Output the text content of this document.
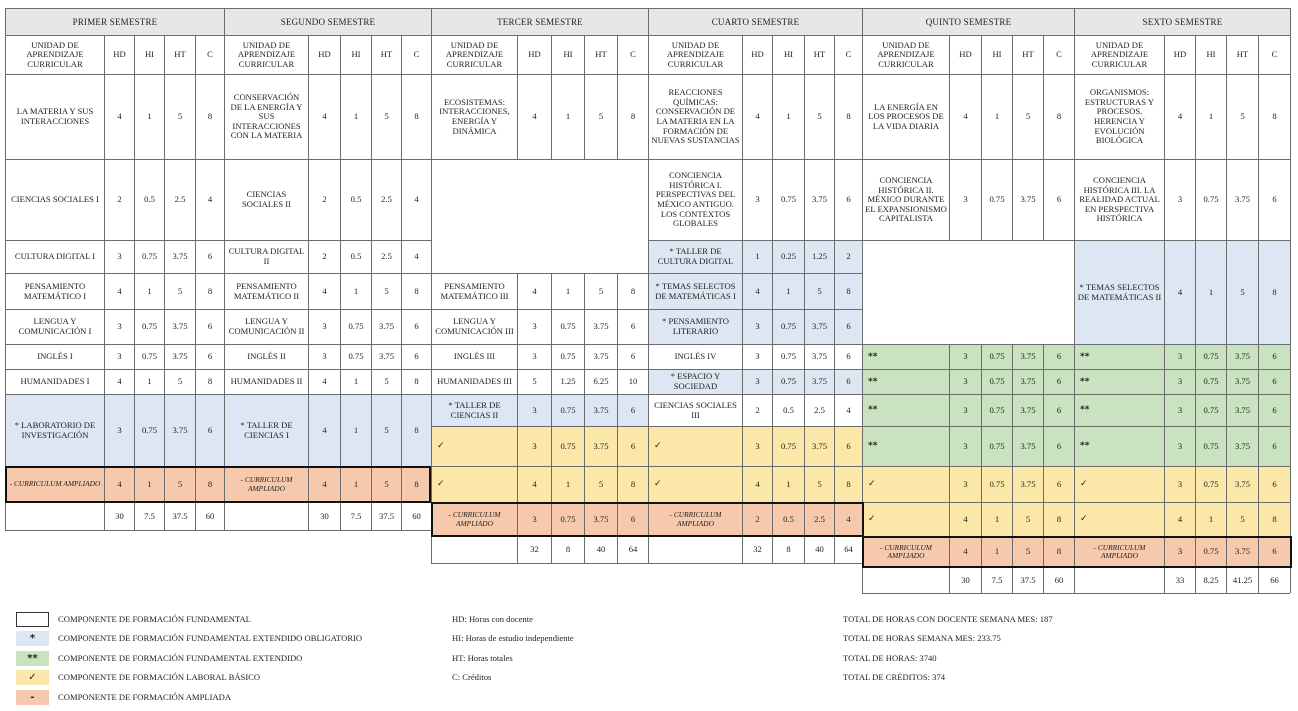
PRIMER SEMESTRE
UNIDAD DE APRENDIZAJE CURRICULAR
HD	HI	HT	C
LA MATERIA Y SUS INTERACCIONES	4	1	5	8
CIENCIAS SOCIALES I	2	0.5	2.5	4
CULTURA DIGITAL I	3	0.75	3.75	6
PENSAMIENTO MATEMÁTICO I	4	1	5	8
LENGUA Y COMUNICACIÓN I	3	0.75	3.75	6
INGLÉS I	3	0.75	3.75	6
HUMANIDADES I	4	1	5	8
* LABORATORIO DE INVESTIGACIÓN	3	0.75	3.75	6
- CURRICULUM AMPLIADO	4	1	5	8
30	7.5	37.5	60
SEGUNDO SEMESTRE
UNIDAD DE APRENDIZAJE CURRICULAR
HD	HI	HT	C
CONSERVACIÓN DE LA ENERGÍA Y SUS INTERACCIONES CON LA MATERIA
4	1	5	8
CIENCIAS SOCIALES II	2	0.5	2.5	4
CULTURA DIGITAL II	2	0.5	2.5	4
PENSAMIENTO MATEMÁTICO II	4	1	5	8
LENGUA Y COMUNICACIÓN II	3	0.75	3.75	6
INGLÉS II	3	0.75	3.75	6
HUMANIDADES II	4	1	5	8
* TALLER DE CIENCIAS I	4	1	5	8
- CURRICULUM AMPLIADO	4	1	5	8
30	7.5	37.5	60
TERCER SEMESTRE
UNIDAD DE APRENDIZAJE CURRICULAR
HD	HI	HT	C
ECOSISTEMAS: INTERACCIONES, ENERGÍA Y DINÁMICA
4	1	5	8
PENSAMIENTO MATEMÁTICO III	4	1	5	8
LENGUA Y COMUNICACIÓN III	3	0.75	3.75	6
INGLÉS III	3	0.75	3.75	6
HUMANIDADES III	5	1.25	6.25	10
* TALLER DE CIENCIAS II	3	0.75	3.75	6
✓	3	0.75	3.75	6
✓	4	1	5	8
- CURRICULUM AMPLIADO	3	0.75	3.75	6
32	8	40	64
CUARTO SEMESTRE
UNIDAD DE APRENDIZAJE CURRICULAR
HD	HI	HT	C
REACCIONES QUÍMICAS: CONSERVACIÓN DE LA MATERIA EN LA FORMACIÓN DE NUEVAS SUSTANCIAS
4	1	5	8
CONCIENCIA HISTÓRICA I. PERSPECTIVAS DEL MÉXICO ANTIGUO. LOS CONTEXTOS GLOBALES
3	0.75	3.75	6
* TALLER DE CULTURA DIGITAL	1	0.25	1.25	2
* TEMAS SELECTOS DE MATEMÁTICAS I	4	1	5	8
* PENSAMIENTO LITERARIO	3	0.75	3.75	6
INGLÉS IV	3	0.75	3.75	6
* ESPACIO Y SOCIEDAD	3	0.75	3.75	6
CIENCIAS SOCIALES III	2	0.5	2.5	4
✓	3	0.75	3.75	6
✓	4	1	5	8
- CURRICULUM AMPLIADO	2	0.5	2.5	4
32	8	40	64
QUINTO SEMESTRE
UNIDAD DE APRENDIZAJE CURRICULAR
HD	HI	HT	C
LA ENERGÍA EN LOS PROCESOS DE LA VIDA DIARIA
4	1	5	8
CONCIENCIA HISTÓRICA II. MÉXICO DURANTE EL EXPANSIONISMO CAPITALISTA
3	0.75	3.75	6
**	3	0.75	3.75	6
**	3	0.75	3.75	6
**	3	0.75	3.75	6
**	3	0.75	3.75	6
✓	3	0.75	3.75	6
✓	4	1	5	8
- CURRICULUM AMPLIADO	4	1	5	8
30	7.5	37.5	60
SEXTO SEMESTRE
UNIDAD DE APRENDIZAJE CURRICULAR
HD	HI	HT	C
ORGANISMOS: ESTRUCTURAS Y PROCESOS. HERENCIA Y EVOLUCIÓN BIOLÓGICA
4	1	5	8
CONCIENCIA HISTÓRICA III. LA REALIDAD ACTUAL EN PERSPECTIVA HISTÓRICA
3	0.75	3.75	6
* TEMAS SELECTOS DE MATEMÁTICAS II	4	1	5	8
**	3	0.75	3.75	6
**	3	0.75	3.75	6
**	3	0.75	3.75	6
**	3	0.75	3.75	6
✓	3	0.75	3.75	6
✓	4	1	5	8
- CURRICULUM AMPLIADO	3	0.75	3.75	6
33	8.25	41.25	66
COMPONENTE DE FORMACIÓN FUNDAMENTAL
*	COMPONENTE DE FORMACIÓN FUNDAMENTAL EXTENDIDO OBLIGATORIO
**	COMPONENTE DE FORMACIÓN FUNDAMENTAL EXTENDIDO
✓	COMPONENTE DE FORMACIÓN LABORAL BÁSICO
-	COMPONENTE DE FORMACIÓN AMPLIADA
HD: Horas con docente
HI: Horas de estudio independiente
HT: Horas totales
C: Créditos
TOTAL DE HORAS CON DOCENTE SEMANA MES: 187
TOTAL DE HORAS SEMANA MES: 233.75
TOTAL DE HORAS: 3740
TOTAL DE CRÉDITOS: 374
